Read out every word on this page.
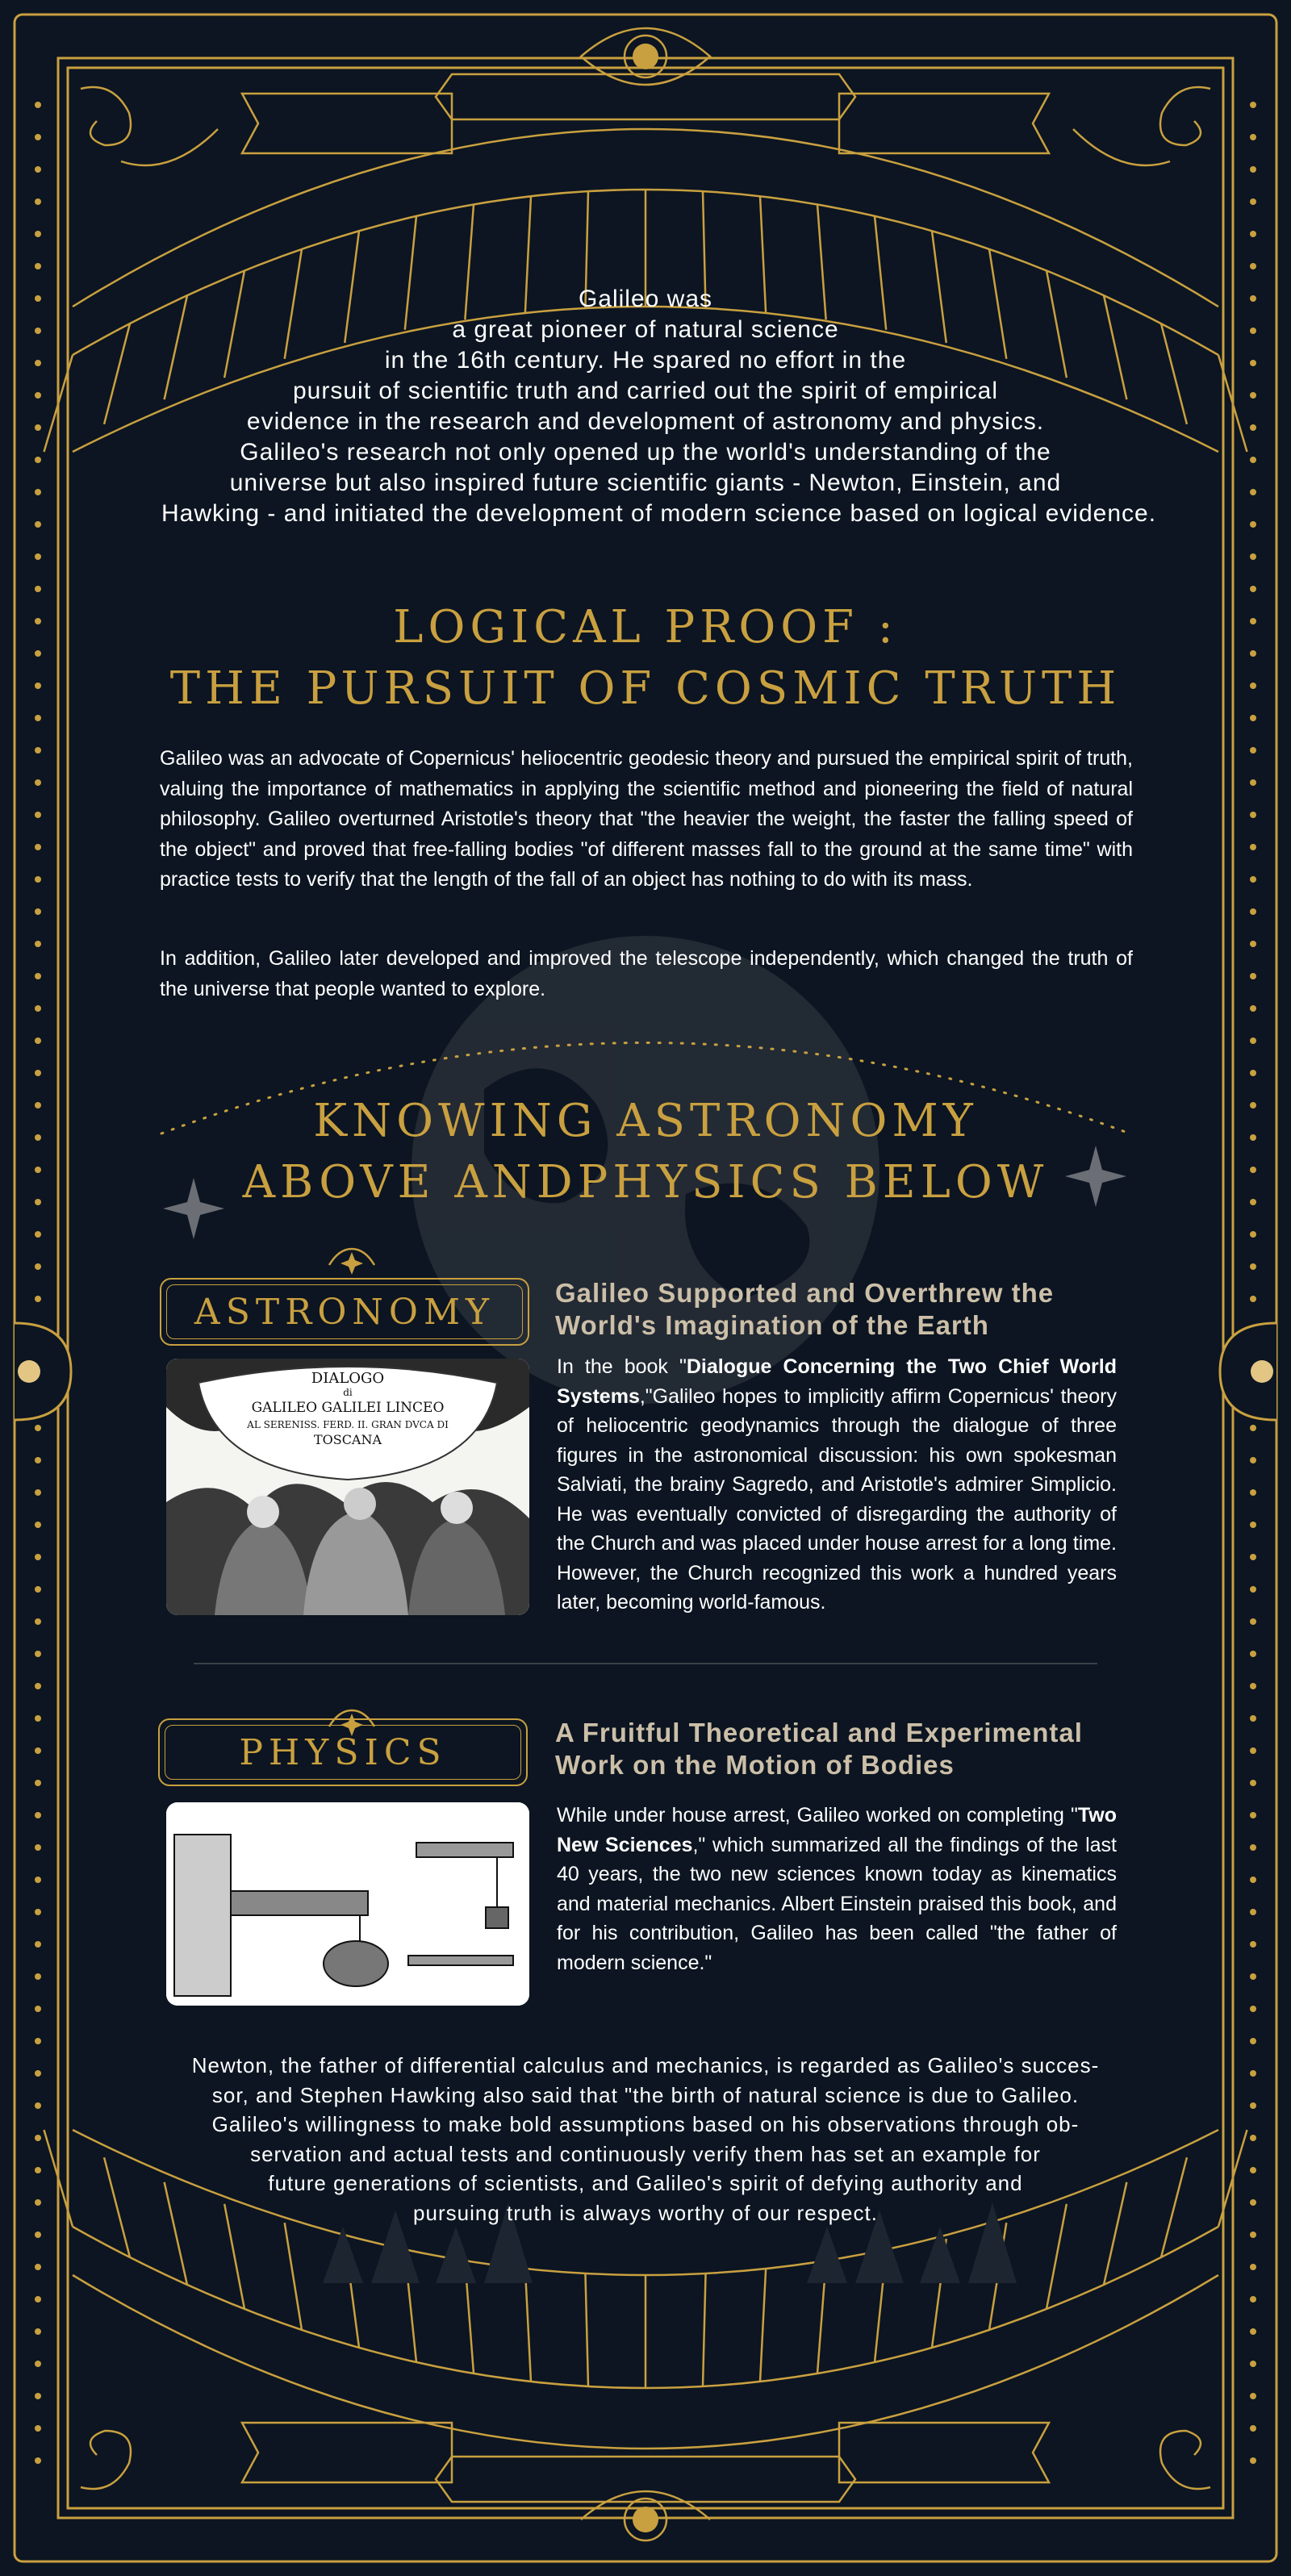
Galileo was
a great pioneer of natural science
in the 16th century. He spared no effort in the
pursuit of scientific truth and carried out the spirit of empirical
evidence in the research and development of astronomy and physics.
Galileo's research not only opened up the world's understanding of the
universe but also inspired future scientific giants - Newton, Einstein, and
Hawking - and initiated the development of modern science based on logical evidence.
LOGICAL PROOF :
THE PURSUIT OF COSMIC TRUTH
Galileo was an advocate of Copernicus' heliocentric geodesic theory and pursued the empirical spirit of truth, valuing the importance of mathematics in applying the scientific method and pioneering the field of natural philosophy. Galileo overturned Aristotle's theory that "the heavier the weight, the faster the falling speed of the object" and proved that free-falling bodies "of different masses fall to the ground at the same time" with practice tests to verify that the length of the fall of an object has nothing to do with its mass.
In addition, Galileo later developed and improved the telescope independently, which changed the truth of the universe that people wanted to explore.
KNOWING ASTRONOMY
ABOVE ANDPHYSICS BELOW
ASTRONOMY Galileo Supported and Overthrew the
World's Imagination of the Earth
DIALOGO
di
GALILEO GALILEI LINCEO
AL SERENISS. FERD. II. GRAN DVCA DI
TOSCANA
In the book "Dialogue Concerning the Two Chief World Systems,"Galileo hopes to implicitly affirm Copernicus' theory of heliocentric geodynamics through the dialogue of three figures in the astronomical discussion: his own spokesman Salviati, the brainy Sagredo, and Aristotle's admirer Simplicio. He was eventually convicted of disregarding the authority of the Church and was placed under house arrest for a long time. However, the Church recognized this work a hundred years later, becoming world-famous.
PHYSICS	A Fruitful Theoretical and Experimental
Work on the Motion of Bodies
While under house arrest, Galileo worked on completing "Two New Sciences," which summarized all the findings of the last 40 years, the two new sciences known today as kinematics and material mechanics. Albert Einstein praised this book, and for his contribution, Galileo has been called "the father of modern science."
Newton, the father of differential calculus and mechanics, is regarded as Galileo's succes-
sor, and Stephen Hawking also said that "the birth of natural science is due to Galileo.
Galileo's willingness to make bold assumptions based on his observations through ob-
servation and actual tests and continuously verify them has set an example for
future generations of scientists, and Galileo's spirit of defying authority and
pursuing truth is always worthy of our respect.
